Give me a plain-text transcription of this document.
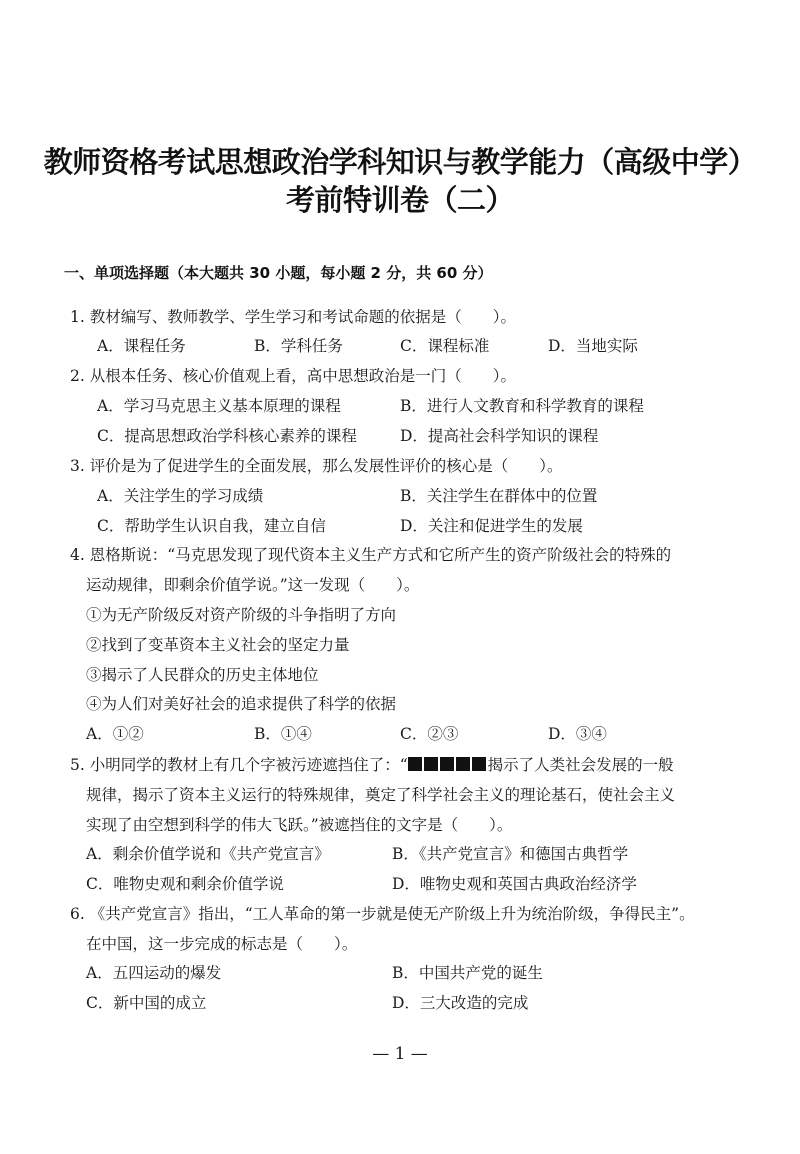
教师资格考试思想政治学科知识与教学能力（高级中学）
考前特训卷（二）
一、单项选择题（本大题共 30 小题，每小题 2 分，共 60 分）
1. 教材编写、教师教学、学生学习和考试命题的依据是（　　）。
A．课程任务	B．学科任务	C．课程标准	D．当地实际
2. 从根本任务、核心价值观上看，高中思想政治是一门（　　）。
A．学习马克思主义基本原理的课程	B．进行人文教育和科学教育的课程
C．提高思想政治学科核心素养的课程	D．提高社会科学知识的课程
3. 评价是为了促进学生的全面发展，那么发展性评价的核心是（　　）。
A．关注学生的学习成绩	B．关注学生在群体中的位置
C．帮助学生认识自我，建立自信	D．关注和促进学生的发展
4. 恩格斯说：“马克思发现了现代资本主义生产方式和它所产生的资产阶级社会的特殊的
运动规律，即剩余价值学说。”这一发现（　　）。
①为无产阶级反对资产阶级的斗争指明了方向
②找到了变革资本主义社会的坚定力量
③揭示了人民群众的历史主体地位
④为人们对美好社会的追求提供了科学的依据
A．①②	B．①④	C．②③	D．③④
5. 小明同学的教材上有几个字被污迹遮挡住了：“	揭示了人类社会发展的一般
规律，揭示了资本主义运行的特殊规律，奠定了科学社会主义的理论基石，使社会主义
实现了由空想到科学的伟大飞跃。”被遮挡住的文字是（　　）。
A．剩余价值学说和《共产党宣言》	B．《共产党宣言》和德国古典哲学
C．唯物史观和剩余价值学说	D．唯物史观和英国古典政治经济学
6. 《共产党宣言》指出，“工人革命的第一步就是使无产阶级上升为统治阶级，争得民主”。
在中国，这一步完成的标志是（　　）。
A．五四运动的爆发	B．中国共产党的诞生
C．新中国的成立	D．三大改造的完成
— 1 —
